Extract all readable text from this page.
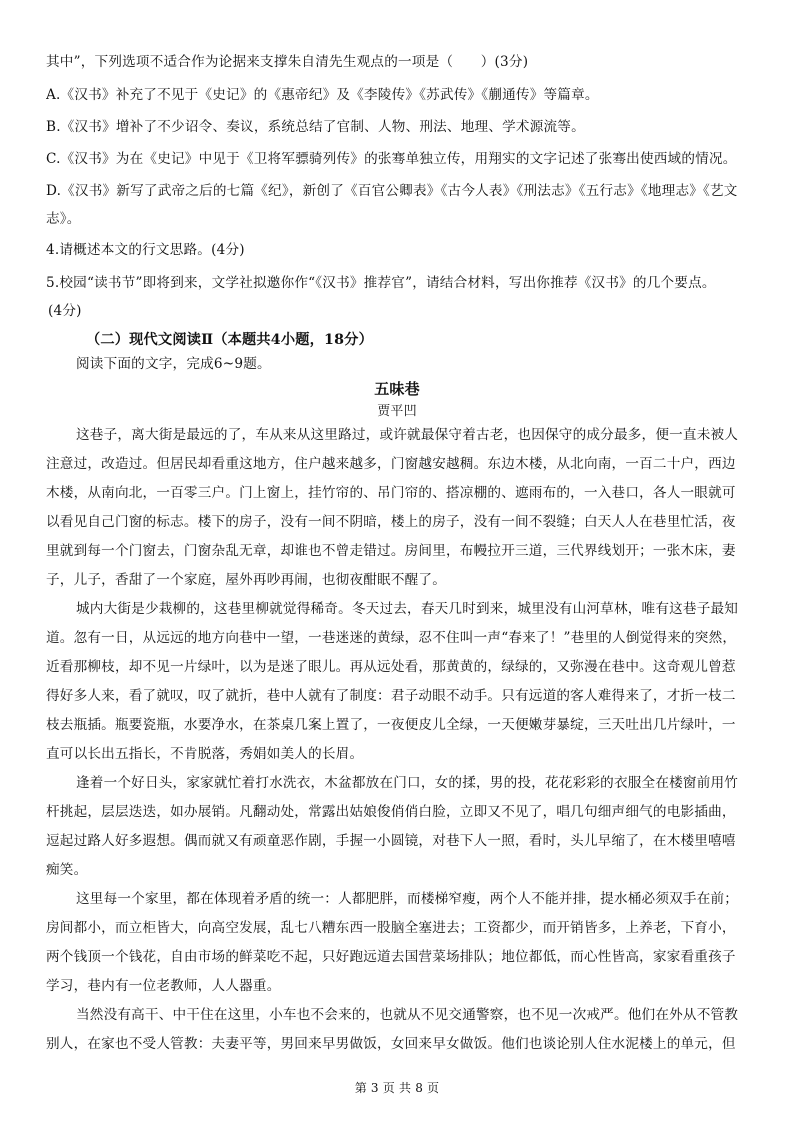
其中”，下列选项不适合作为论据来支撑朱自清先生观点的一项是（　　）(3分)
A.《汉书》补充了不见于《史记》的《惠帝纪》及《李陵传》《苏武传》《蒯通传》等篇章。
B.《汉书》增补了不少诏令、奏议，系统总结了官制、人物、刑法、地理、学术源流等。
C.《汉书》为在《史记》中见于《卫将军骠骑列传》的张骞单独立传，用翔实的文字记述了张骞出使西域的情况。
D.《汉书》新写了武帝之后的七篇《纪》，新创了《百官公卿表》《古今人表》《刑法志》《五行志》《地理志》《艺文
志》。
4.请概述本文的行文思路。(4分)
5.校园“读书节”即将到来，文学社拟邀你作“《汉书》推荐官”，请结合材料，写出你推荐《汉书》的几个要点。
(4分)
（二）现代文阅读Ⅱ（本题共4小题，18分）
阅读下面的文字，完成6~9题。
五味巷
贾平凹
这巷子，离大街是最远的了，车从来从这里路过，或许就最保守着古老，也因保守的成分最多，便一直未被人
注意过，改造过。但居民却看重这地方，住户越来越多，门窗越安越稠。东边木楼，从北向南，一百二十户，西边
木楼，从南向北，一百零三户。门上窗上，挂竹帘的、吊门帘的、搭凉棚的、遮雨布的，一入巷口，各人一眼就可
以看见自己门窗的标志。楼下的房子，没有一间不阴暗，楼上的房子，没有一间不裂缝；白天人人在巷里忙活，夜
里就到每一个门窗去，门窗杂乱无章，却谁也不曾走错过。房间里，布幔拉开三道，三代界线划开；一张木床，妻
子，儿子，香甜了一个家庭，屋外再吵再闹，也彻夜酣眠不醒了。
城内大街是少栽柳的，这巷里柳就觉得稀奇。冬天过去，春天几时到来，城里没有山河草林，唯有这巷子最知
道。忽有一日，从远远的地方向巷中一望，一巷迷迷的黄绿，忍不住叫一声“春来了！”巷里的人倒觉得来的突然，
近看那柳枝，却不见一片绿叶，以为是迷了眼儿。再从远处看，那黄黄的，绿绿的，又弥漫在巷中。这奇观儿曾惹
得好多人来，看了就叹，叹了就折，巷中人就有了制度：君子动眼不动手。只有远道的客人难得来了，才折一枝二
枝去瓶插。瓶要瓷瓶，水要净水，在茶桌几案上置了，一夜便皮儿全绿，一天便嫩芽暴绽，三天吐出几片绿叶，一
直可以长出五指长，不肯脱落，秀娟如美人的长眉。
逢着一个好日头，家家就忙着打水洗衣，木盆都放在门口，女的揉，男的投，花花彩彩的衣服全在楼窗前用竹
杆挑起，层层迭迭，如办展销。凡翻动处，常露出姑娘俊俏俏白脸，立即又不见了，唱几句细声细气的电影插曲，
逗起过路人好多遐想。偶而就又有顽童恶作剧，手握一小圆镜，对巷下人一照，看时，头儿早缩了，在木楼里嘻嘻
痴笑。
这里每一个家里，都在体现着矛盾的统一：人都肥胖，而楼梯窄瘦，两个人不能并排，提水桶必须双手在前；
房间都小，而立柜皆大，向高空发展，乱七八糟东西一股脑全塞进去；工资都少，而开销皆多，上养老，下育小，
两个钱顶一个钱花，自由市场的鲜菜吃不起，只好跑远道去国营菜场排队；地位都低，而心性皆高，家家看重孩子
学习，巷内有一位老教师，人人器重。
当然没有高干、中干住在这里，小车也不会来的，也就从不见交通警察，也不见一次戒严。他们在外从不管教
别人，在家也不受人管教：夫妻平等，男回来早男做饭，女回来早女做饭。他们也谈论别人住水泥楼上的单元，但
第 3 页 共 8 页
